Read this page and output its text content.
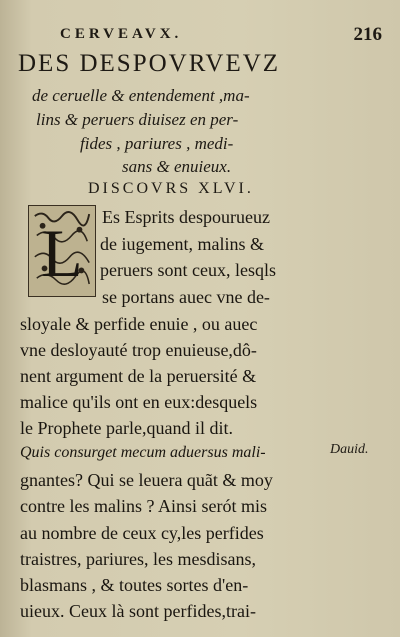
CERVEAVX.	216
DES DESPOVRVEVZ
de ceruelle & entendement ,ma-
lins & peruers diuisez en per-
fides , pariures , medi-
sans & enuieux.
DISCOVRS XLVI.
L Es Esprits despourueuz
de iugement, malins &
peruers sont ceux, lesqls
se portans auec vne de-
sloyale & perfide enuie , ou auec
vne desloyauté trop enuieuse,dô-
nent argument de la peruersité &
malice qu'ils ont en eux:desquels
le Prophete parle,quand il dit.
Quis consurget mecum aduersus mali-
gnantes? Qui se leuera quãt & moy
contre les malins ? Ainsi serót mis
au nombre de ceux cy,les perfides
traistres, pariures, les mesdisans,
blasmans , & toutes sortes d'en-
uieux. Ceux là sont perfides,trai-
Dauid.
